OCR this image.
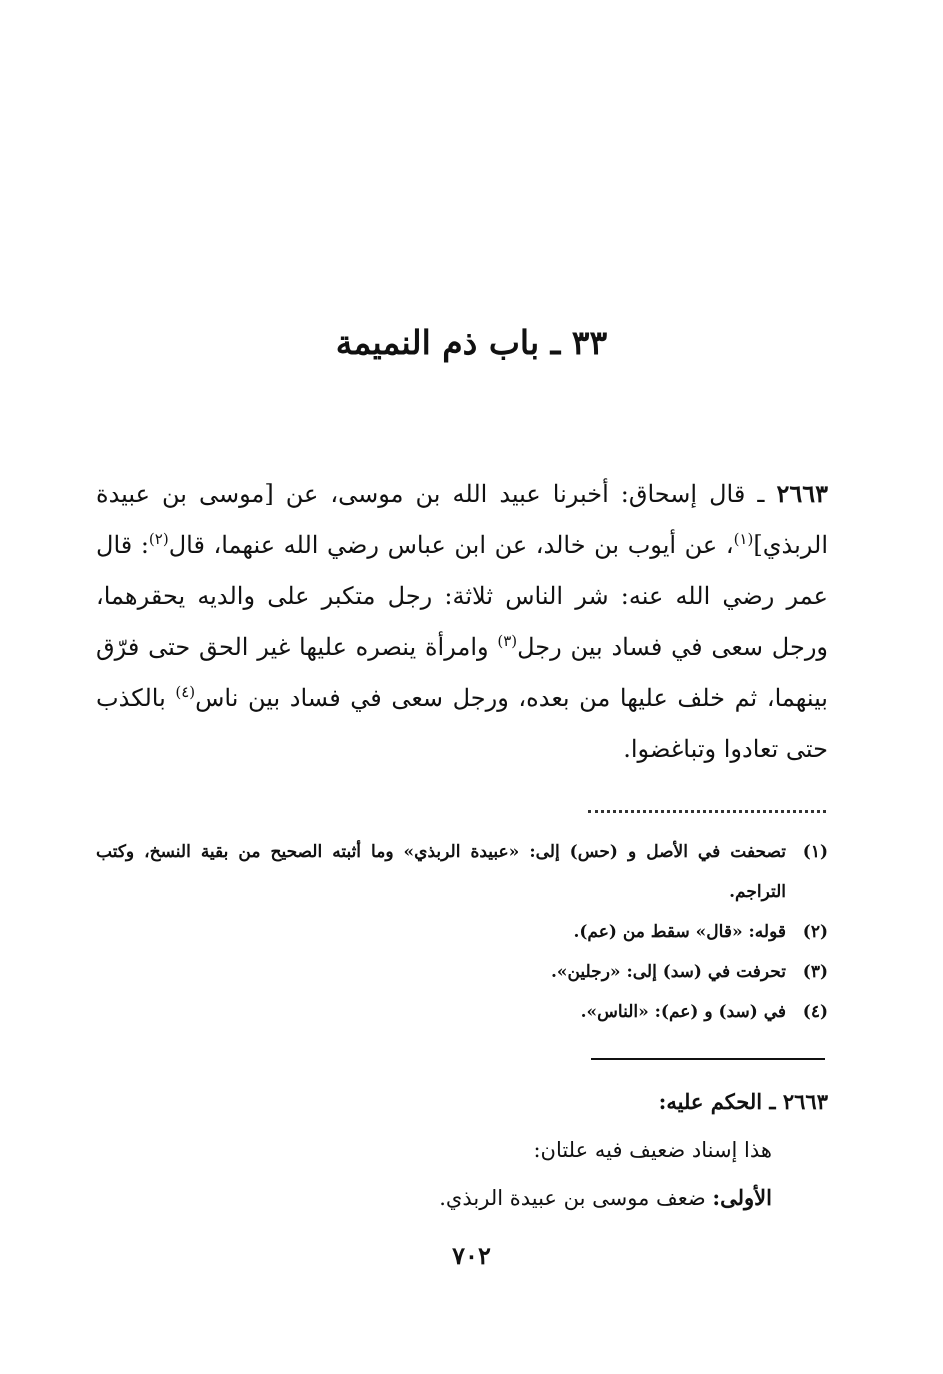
٣٣ ـ باب ذم النميمة
٢٦٦٣ ـ قال إسحاق: أخبرنا عبيد الله بن موسى، عن [موسى بن عبيدة الربذي]$^{(١)}$، عن أيوب بن خالد، عن ابن عباس رضي الله عنهما، قال$^{(٢)}$: قال عمر رضي الله عنه: شر الناس ثلاثة: رجل متكبر على والديه يحقرهما، ورجل سعى في فساد بين رجل$^{(٣)}$ وامرأة ينصره عليها غير الحق حتى فرّق بينهما، ثم خلف عليها من بعده، ورجل سعى في فساد بين ناس$^{(٤)}$ بالكذب حتى تعادوا وتباغضوا.
(١)
تصحفت في الأصل و (حس) إلى: «عبيدة الربذي» وما أثبته الصحيح من بقية النسخ، وكتب التراجم.
(٢)
قوله: «قال» سقط من (عم).
(٣)
تحرفت في (سد) إلى: «رجلين».
(٤)
في (سد) و (عم): «الناس».
٢٦٦٣ ـ الحكم عليه:
هذا إسناد ضعيف فيه علتان:
الأولى: ضعف موسى بن عبيدة الربذي.
٧٠٢
